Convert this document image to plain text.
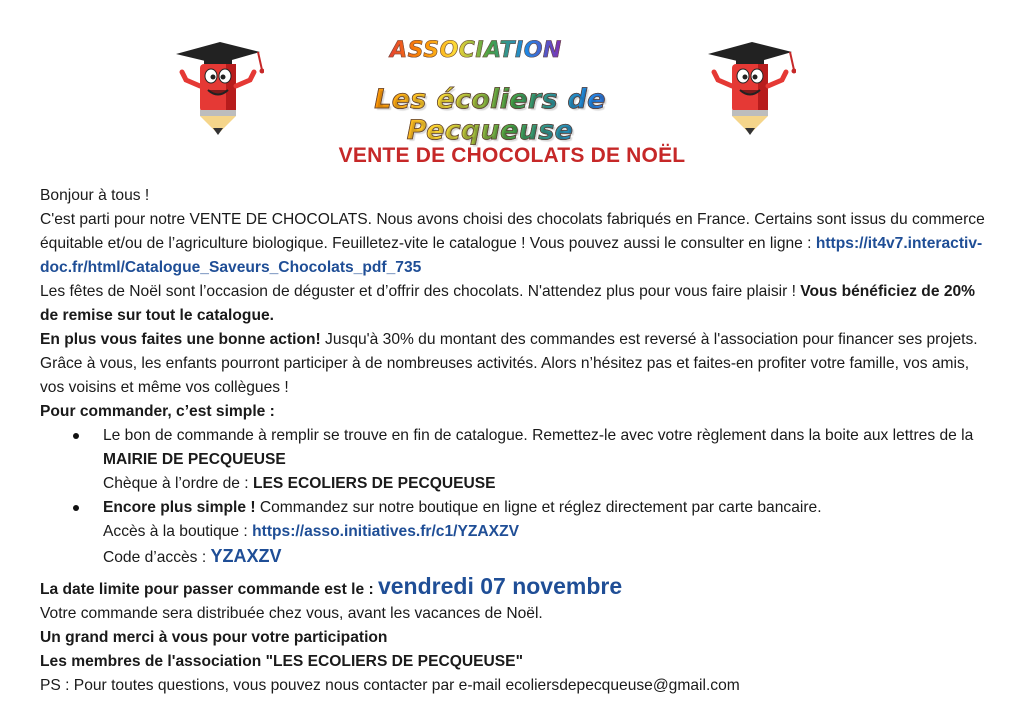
ASSOCIATION
Les écoliers de Pecqueuse
VENTE DE CHOCOLATS DE NOËL

Bonjour à tous !

C'est parti pour notre VENTE DE CHOCOLATS. Nous avons choisi des chocolats fabriqués en France. Certains sont issus du commerce équitable et/ou de l’agriculture biologique. Feuilletez-vite le catalogue ! Vous pouvez aussi le consulter en ligne : https://it4v7.interactiv-doc.fr/html/Catalogue_Saveurs_Chocolats_pdf_735

Les fêtes de Noël sont l’occasion de déguster et d’offrir des chocolats. N'attendez plus pour vous faire plaisir ! Vous bénéficiez de 20% de remise sur tout le catalogue.

En plus vous faites une bonne action! Jusqu'à 30% du montant des commandes est reversé à l'association pour financer ses projets. Grâce à vous, les enfants pourront participer à de nombreuses activités. Alors n’hésitez pas et faites-en profiter votre famille, vos amis, vos voisins et même vos collègues !

Pour commander, c’est simple :

Le bon de commande à remplir se trouve en fin de catalogue. Remettez-le avec votre règlement dans la boite aux lettres de la MAIRIE DE PECQUEUSE
Chèque à l’ordre de : LES ECOLIERS DE PECQUEUSE
Encore plus simple ! Commandez sur notre boutique en ligne et réglez directement par carte bancaire.
Accès à la boutique : https://asso.initiatives.fr/c1/YZAXZV
Code d’accès : YZAXZV

La date limite pour passer commande est le : vendredi 07 novembre

Votre commande sera distribuée chez vous, avant les vacances de Noël.

Un grand merci à vous pour votre participation

Les membres de l'association "LES ECOLIERS DE PECQUEUSE"

PS : Pour toutes questions, vous pouvez nous contacter par e-mail ecoliersdepecqueuse@gmail.com
